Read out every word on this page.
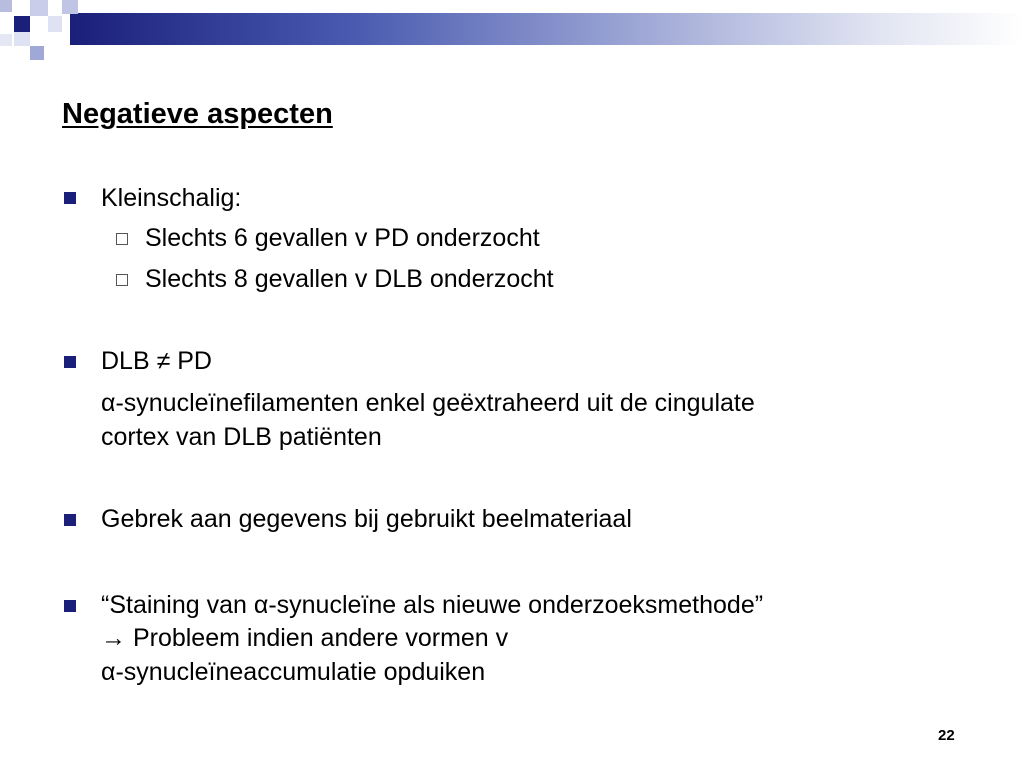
Negatieve aspecten
Kleinschalig:
Slechts 6 gevallen v PD onderzocht
Slechts 8 gevallen v DLB onderzocht
DLB ≠ PD
α-synucleïnefilamenten enkel geëxtraheerd uit de cingulate
cortex van DLB patiënten
Gebrek aan gegevens bij gebruikt beelmateriaal
“Staining van α-synucleïne als nieuwe onderzoeksmethode”
→ Probleem indien andere vormen v
α-synucleïneaccumulatie opduiken
22
